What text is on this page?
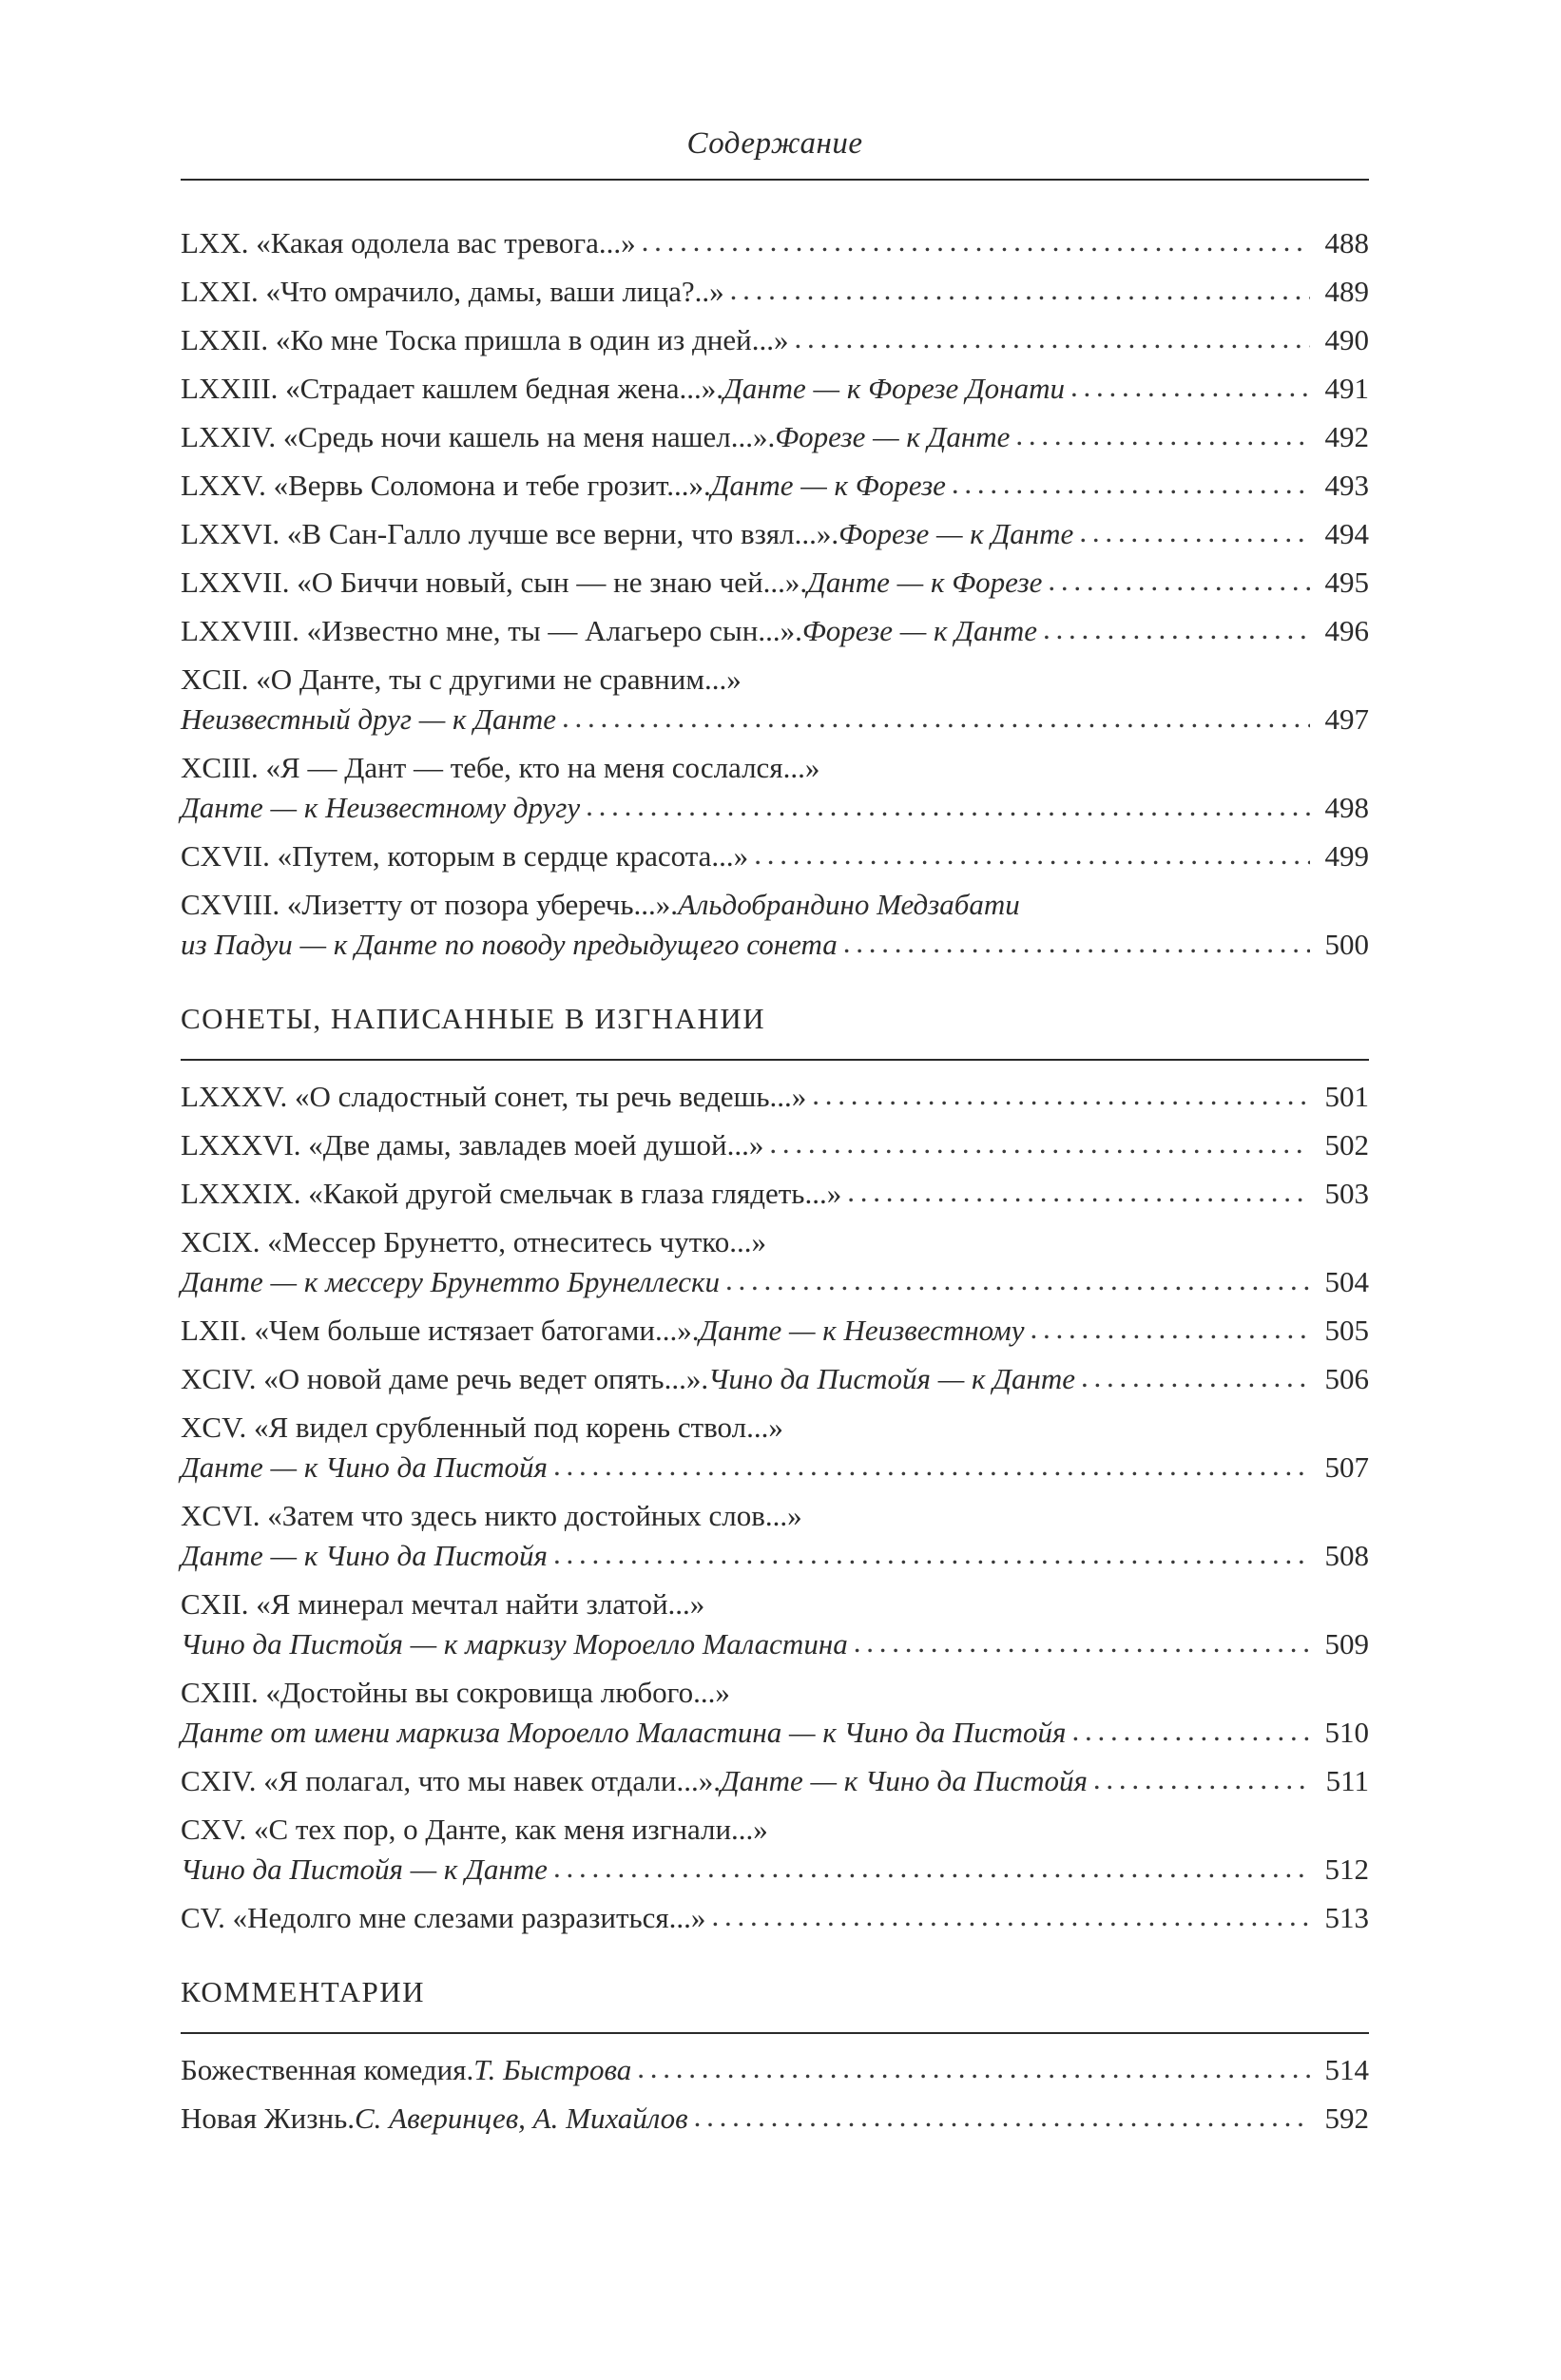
Содержание
LXX. «Какая одолела вас тревога...» . . .	488
LXXI. «Что омрачило, дамы, ваши лица?..» . . .	489
LXXII. «Ко мне Тоска пришла в один из дней...» . . .	490
LXXIII. «Страдает кашлем бедная жена...». Данте — к Форезе Донати . . .	491
LXXIV. «Средь ночи кашель на меня нашел...». Форезе — к Данте . . .	492
LXXV. «Вервь Соломона и тебе грозит...». Данте — к Форезе . . .	493
LXXVI. «В Сан-Галло лучше все верни, что взял...». Форезе — к Данте . . .	494
LXXVII. «О Биччи новый, сын — не знаю чей...». Данте — к Форезе . . .	495
LXXVIII. «Известно мне, ты — Алагьеро сын...». Форезе — к Данте . . .	496
XCII. «О Данте, ты с другими не сравним...»
Неизвестный друг — к Данте . . .	497
XCIII. «Я — Дант — тебе, кто на меня сослался...»
Данте — к Неизвестному другу . . .	498
CXVII. «Путем, которым в сердце красота...» . . .	499
CXVIII. «Лизетту от позора уберечь...». Альдобрандино Медзабати
из Падуи — к Данте по поводу предыдущего сонета . . .	500
СОНЕТЫ, НАПИСАННЫЕ В ИЗГНАНИИ
LXXXV. «О сладостный сонет, ты речь ведешь...» . . .	501
LXXXVI. «Две дамы, завладев моей душой...» . . .	502
LXXXIX. «Какой другой смельчак в глаза глядеть...» . . .	503
XCIX. «Мессер Брунетто, отнеситесь чутко...»
Данте — к мессеру Брунетто Брунеллески . . .	504
LXII. «Чем больше истязает батогами...». Данте — к Неизвестному . . .	505
XCIV. «О новой даме речь ведет опять...». Чино да Пистойя — к Данте . . .	506
XCV. «Я видел срубленный под корень ствол...»
Данте — к Чино да Пистойя . . .	507
XCVI. «Затем что здесь никто достойных слов...»
Данте — к Чино да Пистойя . . .	508
CXII. «Я минерал мечтал найти златой...»
Чино да Пистойя — к маркизу Мороелло Маластина . . .	509
CXIII. «Достойны вы сокровища любого...»
Данте от имени маркиза Мороелло Маластина — к Чино да Пистойя . . .	510
CXIV. «Я полагал, что мы навек отдали...». Данте — к Чино да Пистойя . . .	511
CXV. «С тех пор, о Данте, как меня изгнали...»
Чино да Пистойя — к Данте . . .	512
CV. «Недолго мне слезами разразиться...» . . .	513
КОММЕНТАРИИ
Божественная комедия. Т. Быстрова . . .	514
Новая Жизнь. С. Аверинцев, А. Михайлов . . .	592
